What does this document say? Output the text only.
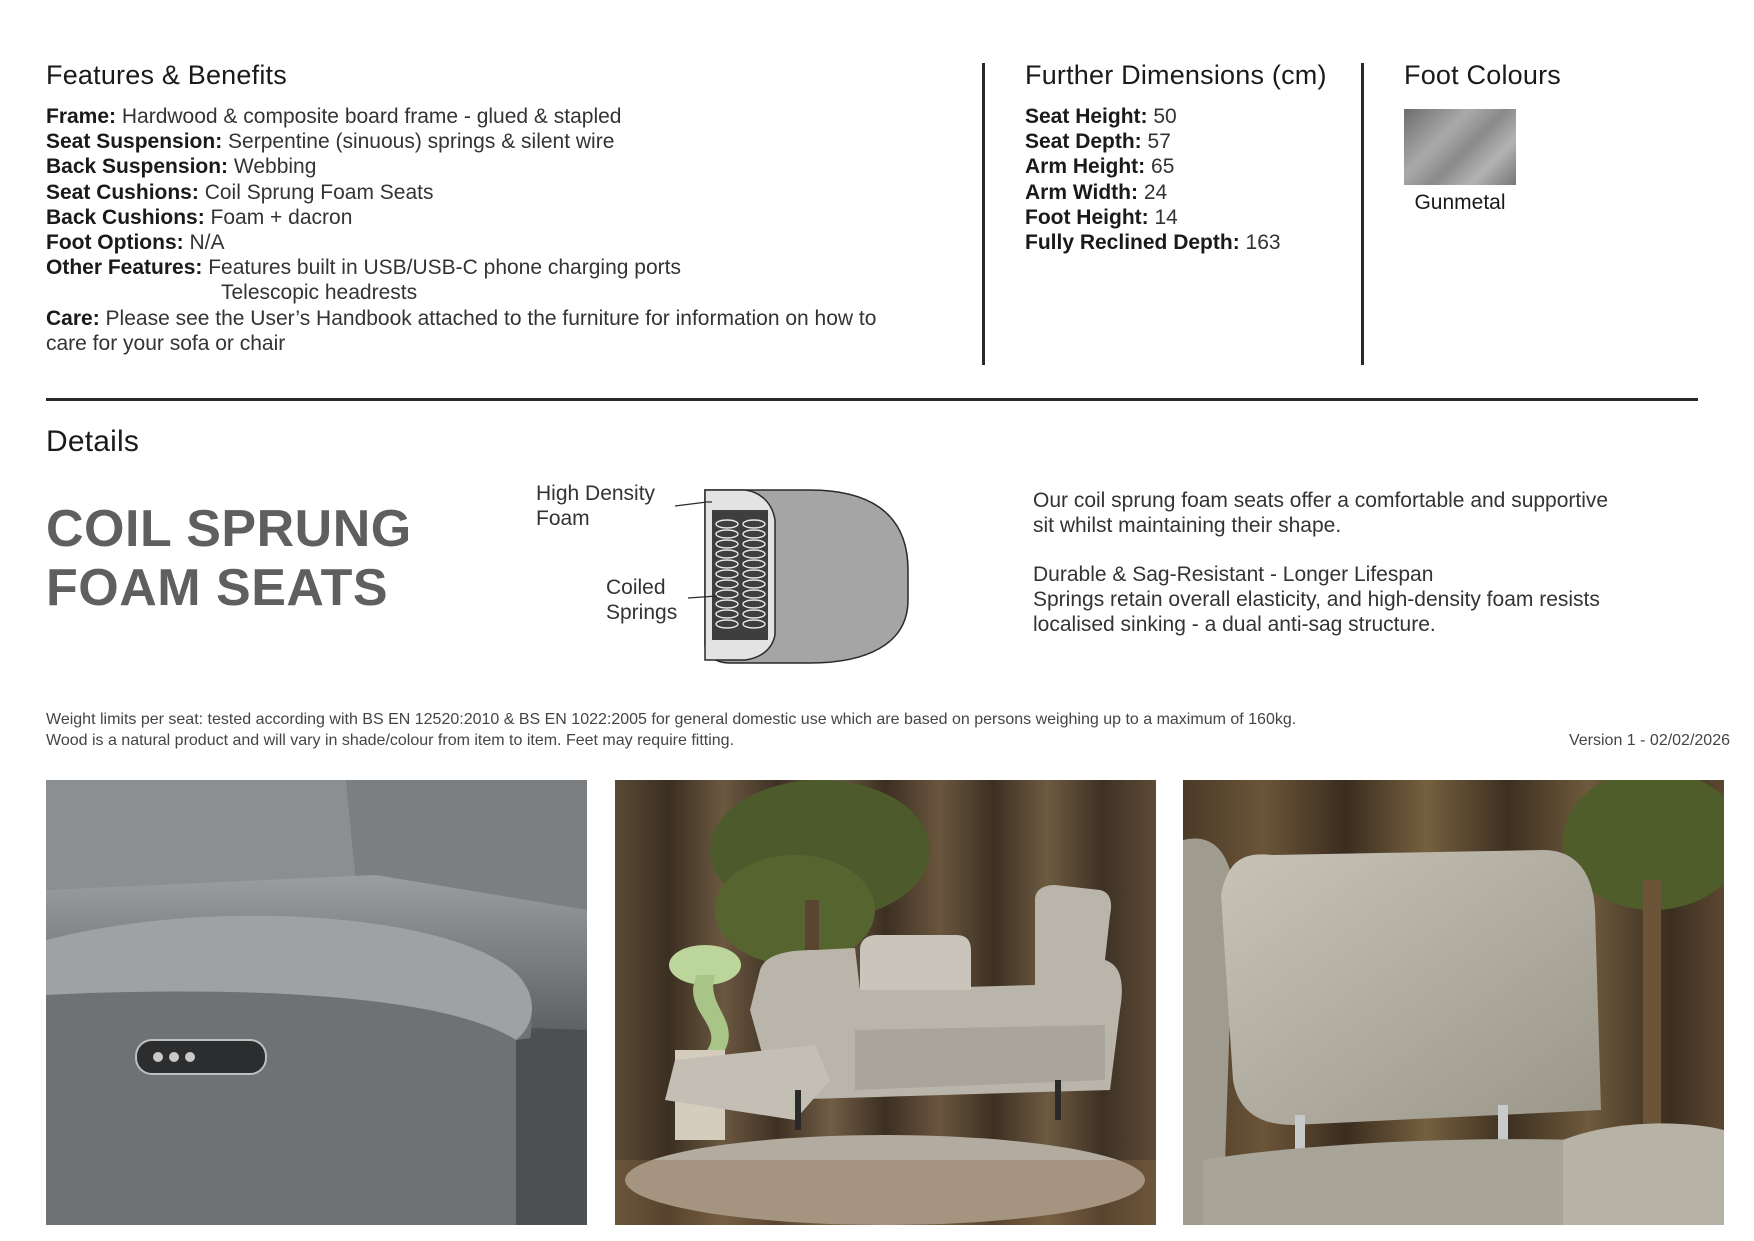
Features & Benefits
Frame: Hardwood & composite board frame - glued & stapled
Seat Suspension: Serpentine (sinuous) springs & silent wire
Back Suspension: Webbing
Seat Cushions: Coil Sprung Foam Seats
Back Cushions: Foam + dacron
Foot Options: N/A
Other Features: Features built in USB/USB-C phone charging ports
Telescopic headrests
Care: Please see the User’s Handbook attached to the furniture for information on how to
care for your sofa or chair
Further Dimensions (cm)
Seat Height: 50
Seat Depth: 57
Arm Height: 65
Arm Width: 24
Foot Height: 14
Fully Reclined Depth: 163
Foot Colours
Gunmetal
Details
COIL SPRUNG
FOAM SEATS
High Density
Foam
Coiled
Springs
Our coil sprung foam seats offer a comfortable and supportive
sit whilst maintaining their shape.
Durable & Sag-Resistant - Longer Lifespan
Springs retain overall elasticity, and high-density foam resists
localised sinking - a dual anti-sag structure.
Weight limits per seat: tested according with BS EN 12520:2010 & BS EN 1022:2005 for general domestic use which are based on persons weighing up to a maximum of 160kg.
Wood is a natural product and will vary in shade/colour from item to item. Feet may require fitting.	Version 1 - 02/02/2026
